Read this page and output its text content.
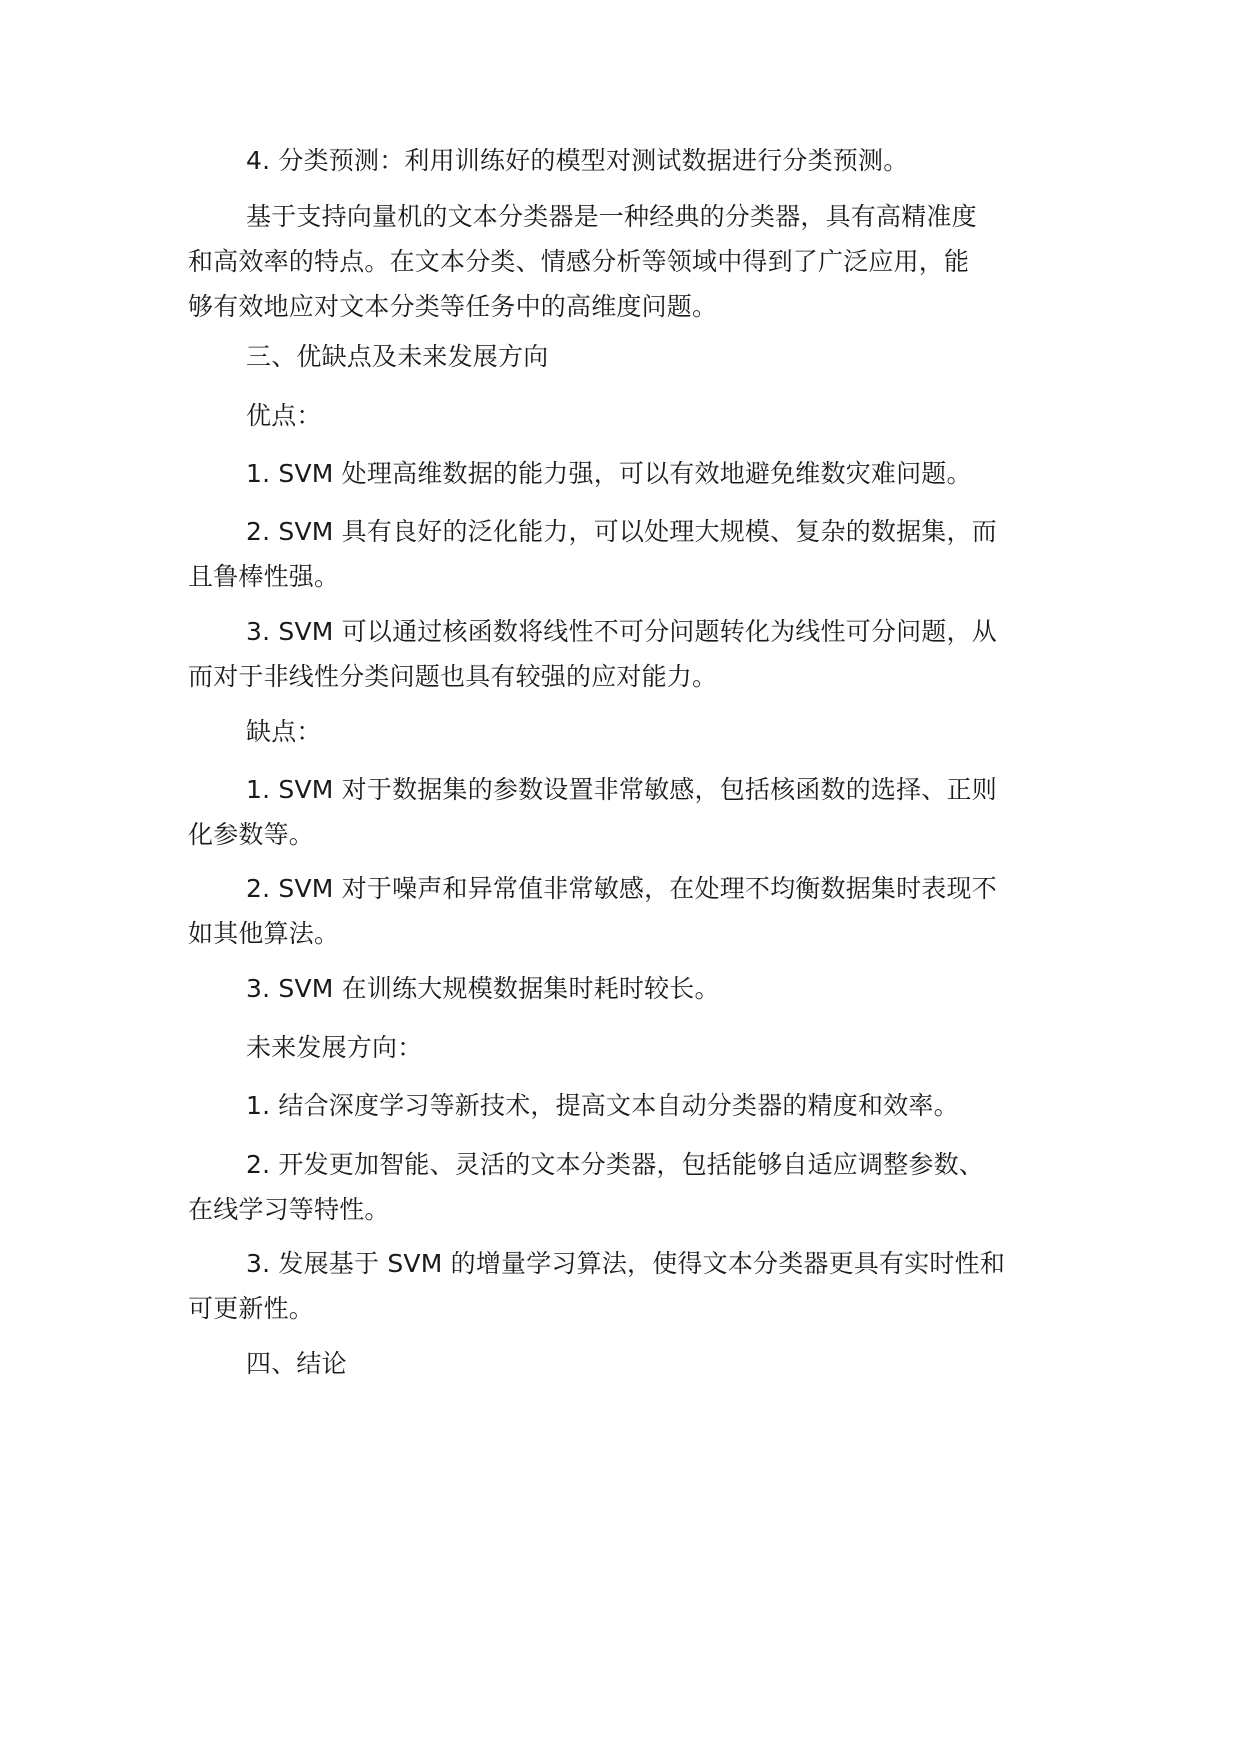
4. 分类预测：利用训练好的模型对测试数据进行分类预测。

基于支持向量机的文本分类器是一种经典的分类器，具有高精准度
和高效率的特点。在文本分类、情感分析等领域中得到了广泛应用，能
够有效地应对文本分类等任务中的高维度问题。

三、优缺点及未来发展方向

优点：

1. SVM 处理高维数据的能力强，可以有效地避免维数灾难问题。

2. SVM 具有良好的泛化能力，可以处理大规模、复杂的数据集，而
且鲁棒性强。

3. SVM 可以通过核函数将线性不可分问题转化为线性可分问题，从
而对于非线性分类问题也具有较强的应对能力。

缺点：

1. SVM 对于数据集的参数设置非常敏感，包括核函数的选择、正则
化参数等。

2. SVM 对于噪声和异常值非常敏感，在处理不均衡数据集时表现不
如其他算法。

3. SVM 在训练大规模数据集时耗时较长。

未来发展方向：

1. 结合深度学习等新技术，提高文本自动分类器的精度和效率。

2. 开发更加智能、灵活的文本分类器，包括能够自适应调整参数、
在线学习等特性。

3. 发展基于 SVM 的增量学习算法，使得文本分类器更具有实时性和
可更新性。

四、结论
